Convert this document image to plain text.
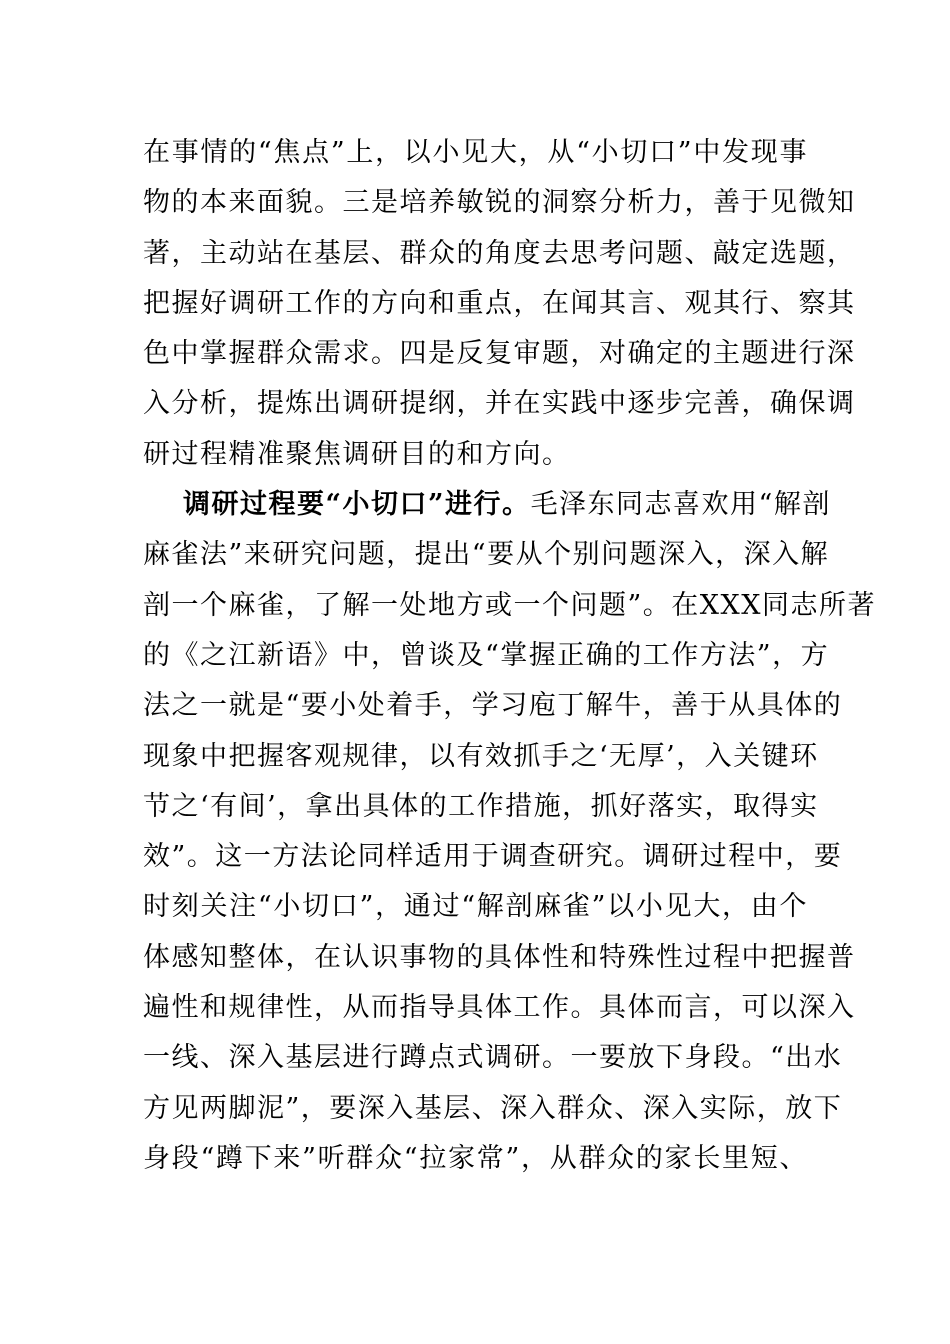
在事情的“焦点”上，以小见大，从“小切口”中发现事
物的本来面貌。三是培养敏锐的洞察分析力，善于见微知
著，主动站在基层、群众的角度去思考问题、敲定选题，
把握好调研工作的方向和重点，在闻其言、观其行、察其
色中掌握群众需求。四是反复审题，对确定的主题进行深
入分析，提炼出调研提纲，并在实践中逐步完善，确保调
研过程精准聚焦调研目的和方向。
调研过程要“小切口”进行。毛泽东同志喜欢用“解剖
麻雀法”来研究问题，提出“要从个别问题深入，深入解
剖一个麻雀，了解一处地方或一个问题”。在XXX同志所著
的《之江新语》中，曾谈及“掌握正确的工作方法”，方
法之一就是“要小处着手，学习庖丁解牛，善于从具体的
现象中把握客观规律，以有效抓手之‘无厚’，入关键环
节之‘有间’，拿出具体的工作措施，抓好落实，取得实
效”。这一方法论同样适用于调查研究。调研过程中，要
时刻关注“小切口”，通过“解剖麻雀”以小见大，由个
体感知整体，在认识事物的具体性和特殊性过程中把握普
遍性和规律性，从而指导具体工作。具体而言，可以深入
一线、深入基层进行蹲点式调研。一要放下身段。“出水
方见两脚泥”，要深入基层、深入群众、深入实际，放下
身段“蹲下来”听群众“拉家常”，从群众的家长里短、
